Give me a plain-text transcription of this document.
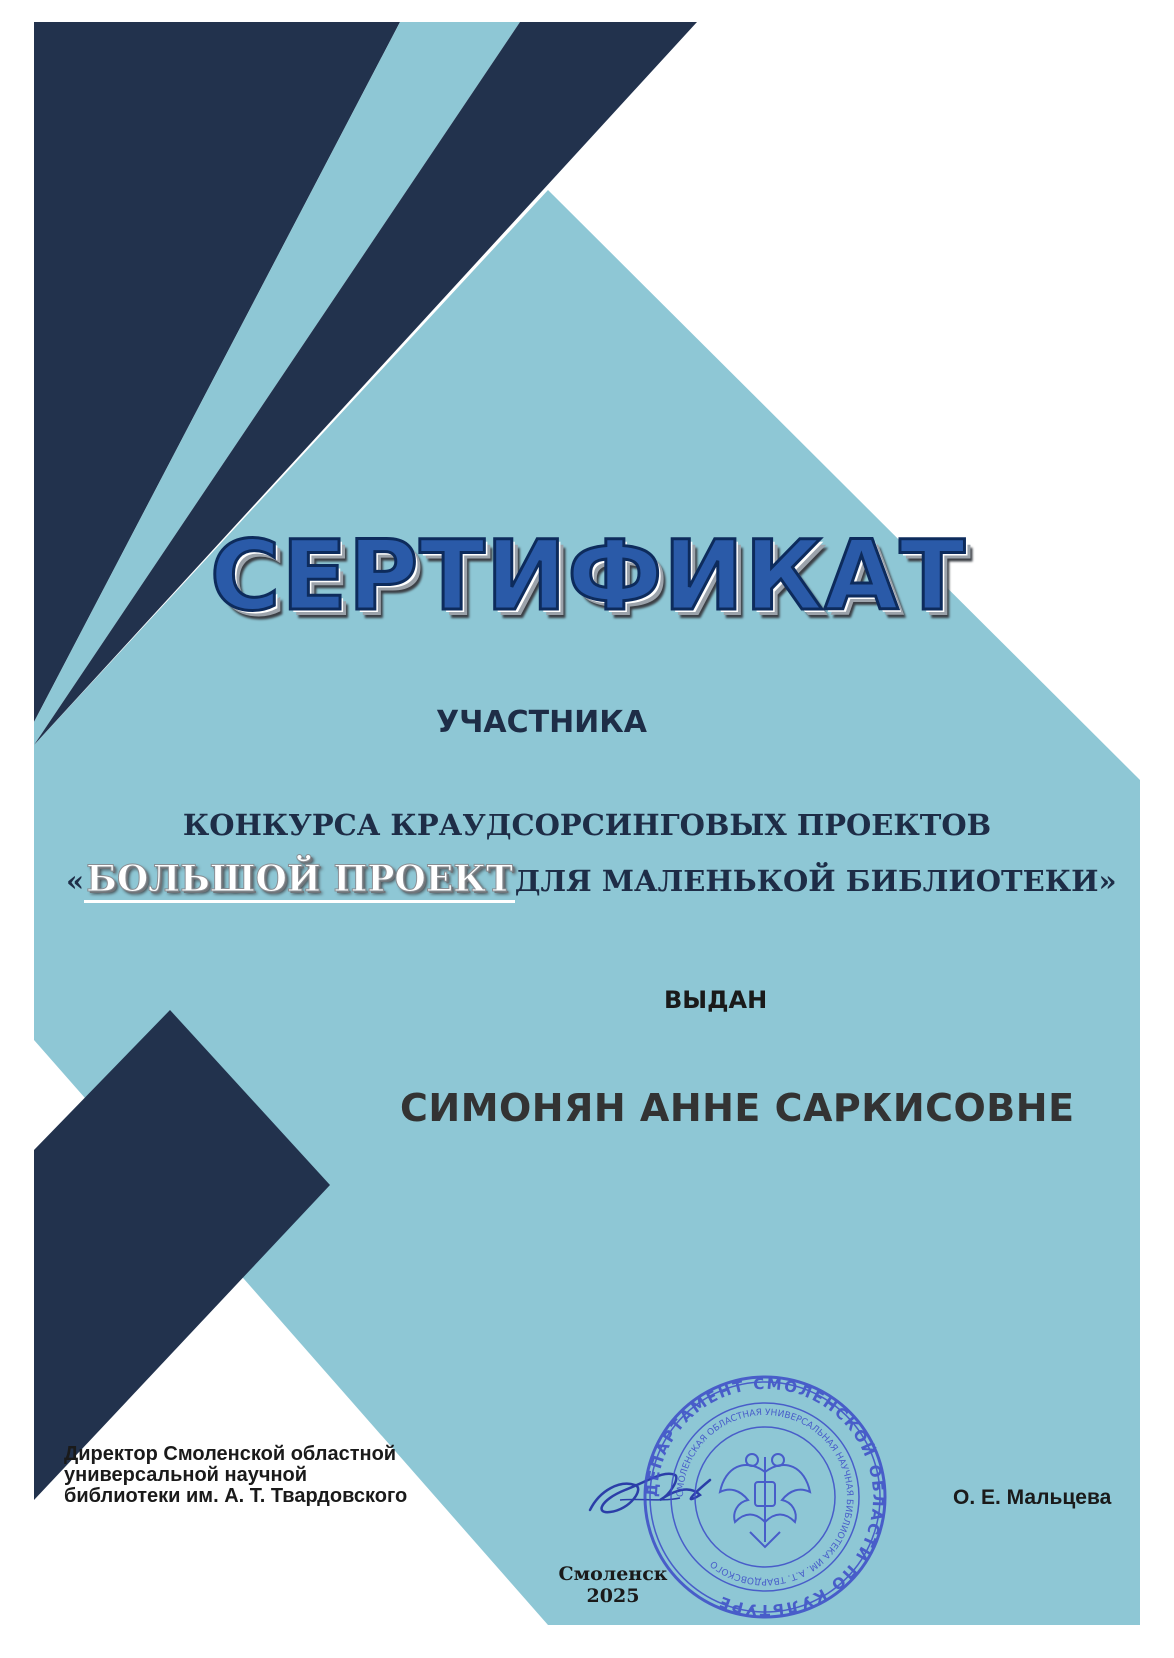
ДЕПАРТАМЕНТ СМОЛЕНСКОЙ ОБЛАСТИ ПО КУЛЬТУРЕ
СМОЛЕНСКАЯ ОБЛАСТНАЯ УНИВЕРСАЛЬНАЯ НАУЧНАЯ БИБЛИОТЕКА ИМ. А.Т. ТВАРДОВСКОГО
СЕРТИФИКАТ
УЧАСТНИКА
КОНКУРСА КРАУДСОРСИНГОВЫХ ПРОЕКТОВ
«БОЛЬШОЙ ПРОЕКТДЛЯ МАЛЕНЬКОЙ БИБЛИОТЕКИ»
ВЫДАН
СИМОНЯН АННЕ САРКИСОВНЕ
Директор Смоленской областной
универсальной научной
библиотеки им. А. Т. Твардовского	О. Е. Мальцева
Смоленск
2025
